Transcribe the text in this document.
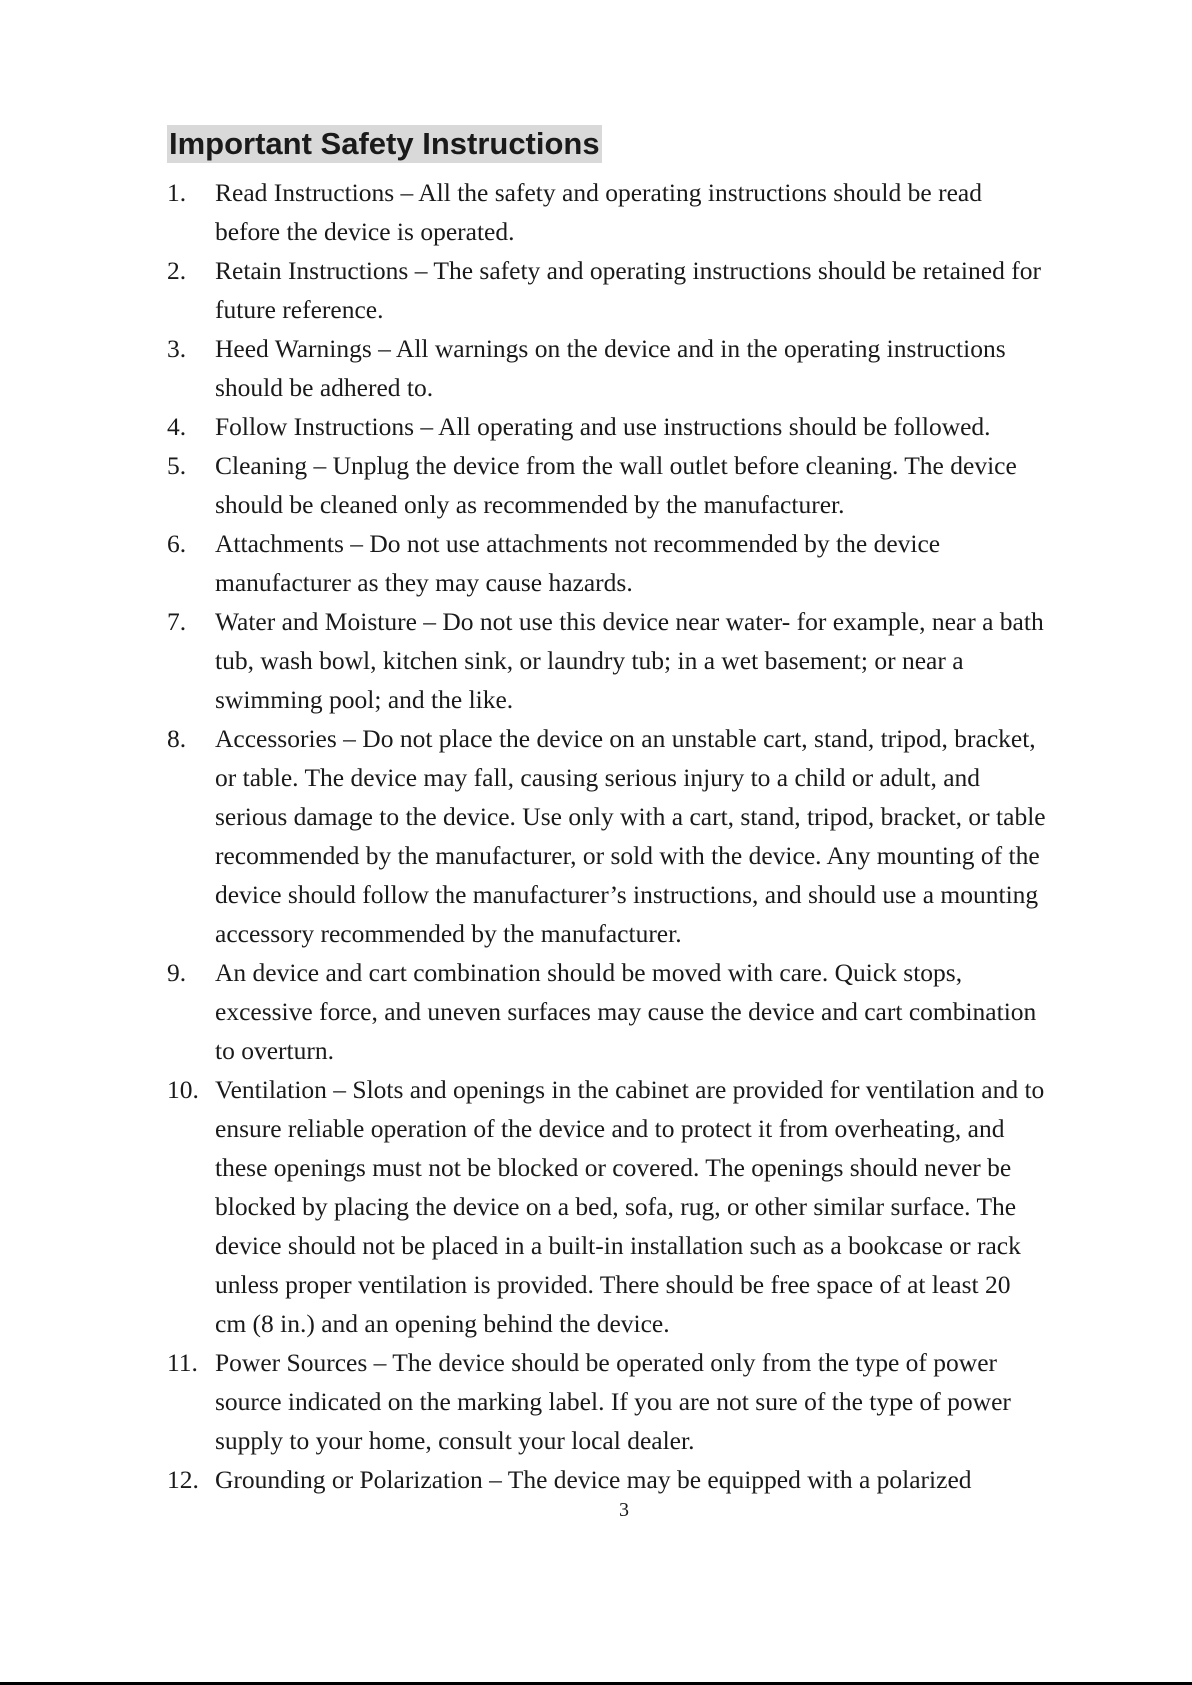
Important Safety Instructions
1.	Read Instructions – All the safety and operating instructions should be read
before the device is operated.
2.	Retain Instructions – The safety and operating instructions should be retained for
future reference.
3.	Heed Warnings – All warnings on the device and in the operating instructions
should be adhered to.
4.	Follow Instructions – All operating and use instructions should be followed.
5.	Cleaning – Unplug the device from the wall outlet before cleaning. The device
should be cleaned only as recommended by the manufacturer.
6.	Attachments – Do not use attachments not recommended by the device
manufacturer as they may cause hazards.
7.	Water and Moisture – Do not use this device near water- for example, near a bath
tub, wash bowl, kitchen sink, or laundry tub; in a wet basement; or near a
swimming pool; and the like.
8.	Accessories – Do not place the device on an unstable cart, stand, tripod, bracket,
or table. The device may fall, causing serious injury to a child or adult, and
serious damage to the device. Use only with a cart, stand, tripod, bracket, or table
recommended by the manufacturer, or sold with the device. Any mounting of the
device should follow the manufacturer’s instructions, and should use a mounting
accessory recommended by the manufacturer.
9.	An device and cart combination should be moved with care. Quick stops,
excessive force, and uneven surfaces may cause the device and cart combination
to overturn.
10. Ventilation – Slots and openings in the cabinet are provided for ventilation and to
ensure reliable operation of the device and to protect it from overheating, and
these openings must not be blocked or covered. The openings should never be
blocked by placing the device on a bed, sofa, rug, or other similar surface. The
device should not be placed in a built-in installation such as a bookcase or rack
unless proper ventilation is provided. There should be free space of at least 20
cm (8 in.) and an opening behind the device.
11. Power Sources – The device should be operated only from the type of power
source indicated on the marking label. If you are not sure of the type of power
supply to your home, consult your local dealer.
12. Grounding or Polarization – The device may be equipped with a polarized
3
